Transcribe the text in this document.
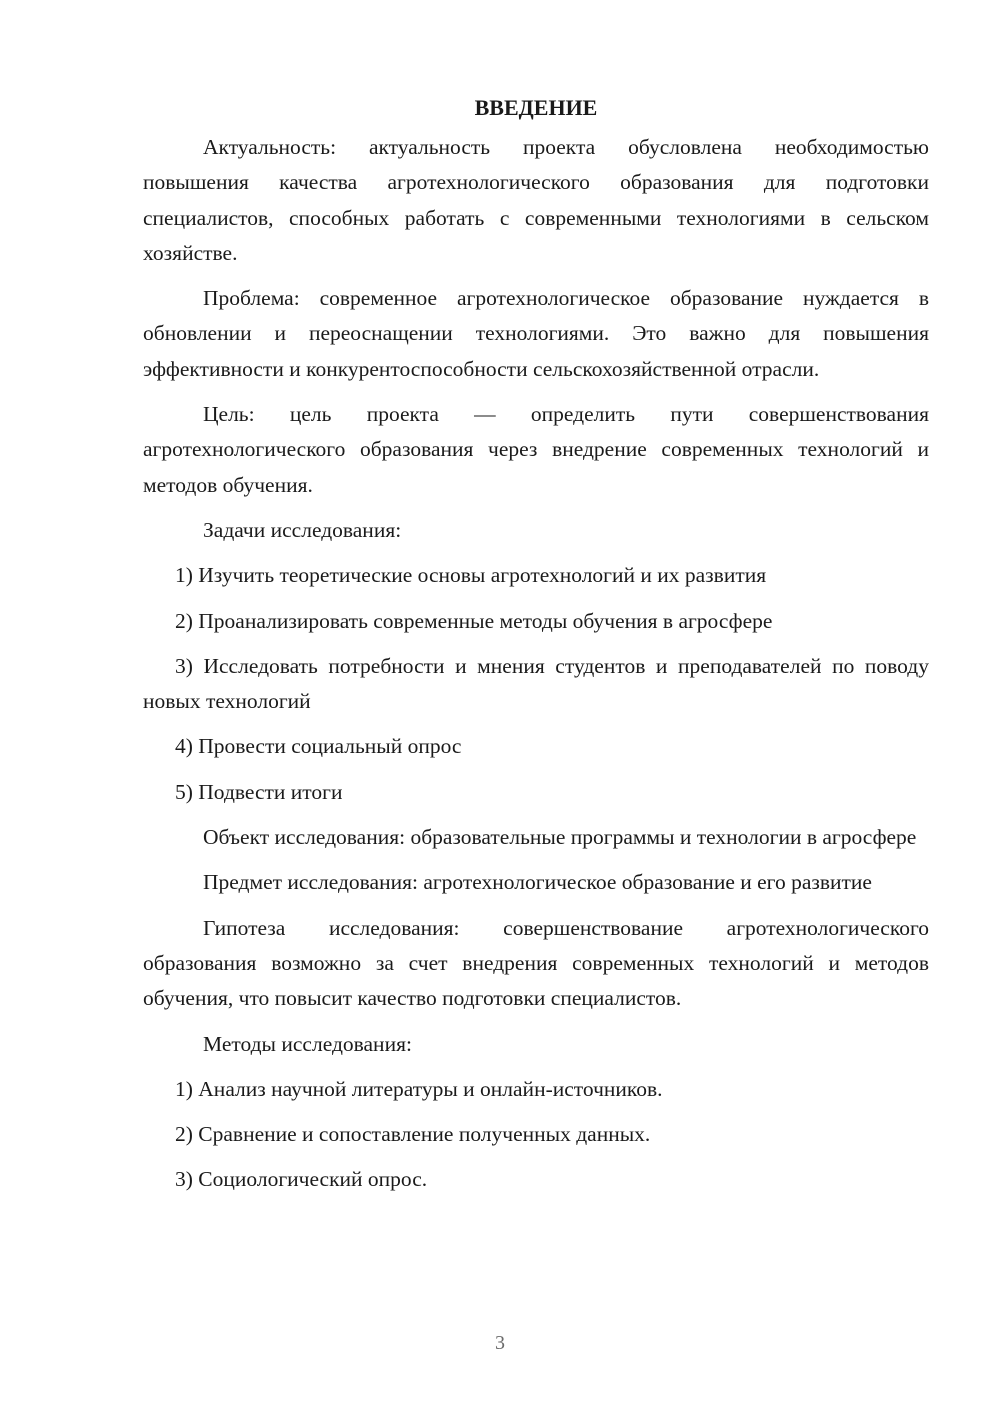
ВВЕДЕНИЕ

Актуальность: актуальность проекта обусловлена необходимостью повышения качества агротехнологического образования для подготовки специалистов, способных работать с современными технологиями в сельском хозяйстве.

Проблема: современное агротехнологическое образование нуждается в обновлении и переоснащении технологиями. Это важно для повышения эффективности и конкурентоспособности сельскохозяйственной отрасли.

Цель: цель проекта — определить пути совершенствования агротехнологического образования через внедрение современных технологий и методов обучения.

Задачи исследования:

1) Изучить теоретические основы агротехнологий и их развития

2) Проанализировать современные методы обучения в агросфере

3) Исследовать потребности и мнения студентов и преподавателей по поводу новых технологий

4) Провести социальный опрос

5) Подвести итоги

Объект исследования: образовательные программы и технологии в агросфере

Предмет исследования: агротехнологическое образование и его развитие

Гипотеза исследования: совершенствование агротехнологического образования возможно за счет внедрения современных технологий и методов обучения, что повысит качество подготовки специалистов.

Методы исследования:

1) Анализ научной литературы и онлайн-источников.

2) Сравнение и сопоставление полученных данных.

3) Социологический опрос.

3
